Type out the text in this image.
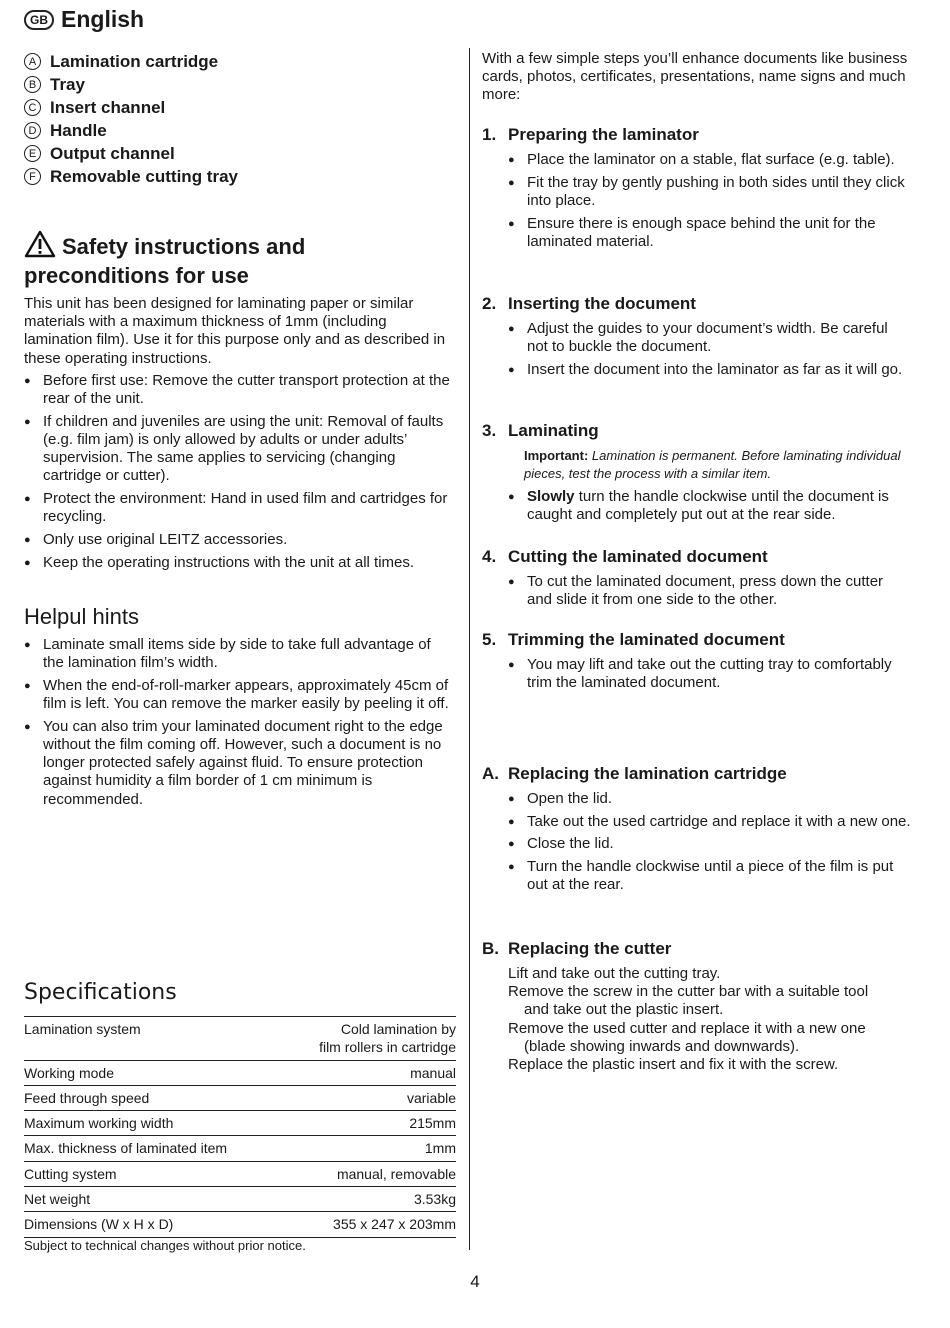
GB English
A Lamination cartridge
B Tray
C Insert channel
D Handle
E Output channel
F Removable cutting tray
Safety instructions and
preconditions for use
This unit has been designed for laminating paper or similar materials with a maximum thickness of 1mm (including lamination film). Use it for this purpose only and as described in these operating instructions.
● Before first use: Remove the cutter transport protection at the rear of the unit.
● If children and juveniles are using the unit: Removal of faults (e.g. film jam) is only allowed by adults or under adults’ supervision. The same applies to servicing (changing cartridge or cutter).
● Protect the environment: Hand in used film and cartridges for recycling.
● Only use original LEITZ accessories.
● Keep the operating instructions with the unit at all times.
Helpul hints
● Laminate small items side by side to take full advantage of the lamination film’s width.
● When the end-of-roll-marker appears, approximately 45cm of film is left. You can remove the marker easily by peeling it off.
● You can also trim your laminated document right to the edge without the film coming off. However, such a document is no longer protected safely against fluid. To ensure protection against humidity a film border of 1 cm minimum is recommended.
Specifications
Lamination system	Cold lamination by
film rollers in cartridge
Working mode	manual
Feed through speed	variable
Maximum working width	215mm
Max. thickness of laminated item	1mm
Cutting system	manual, removable
Net weight	3.53kg
Dimensions (W x H x D)	355 x 247 x 203mm
Subject to technical changes without prior notice.
With a few simple steps you’ll enhance documents like business cards, photos, certificates, presentations, name signs and much more:
1. Preparing the laminator
● Place the laminator on a stable, flat surface (e.g. table).
● Fit the tray by gently pushing in both sides until they click into place.
● Ensure there is enough space behind the unit for the laminated material.
2. Inserting the document
● Adjust the guides to your document’s width. Be careful not to buckle the document.
● Insert the document into the laminator as far as it will go.
3. Laminating
Important: Lamination is permanent. Before laminating individual pieces, test the process with a similar item.
● Slowly turn the handle clockwise until the document is caught and completely put out at the rear side.
4. Cutting the laminated document
● To cut the laminated document, press down the cutter and slide it from one side to the other.
5. Trimming the laminated document
● You may lift and take out the cutting tray to comfortably trim the laminated document.
A. Replacing the lamination cartridge
● Open the lid.
● Take out the used cartridge and replace it with a new one.
● Close the lid.
● Turn the handle clockwise until a piece of the film is put out at the rear.
B. Replacing the cutter
Lift and take out the cutting tray.
Remove the screw in the cutter bar with a suitable tool
and take out the plastic insert.
Remove the used cutter and replace it with a new one
(blade showing inwards and downwards).
Replace the plastic insert and fix it with the screw.
4
